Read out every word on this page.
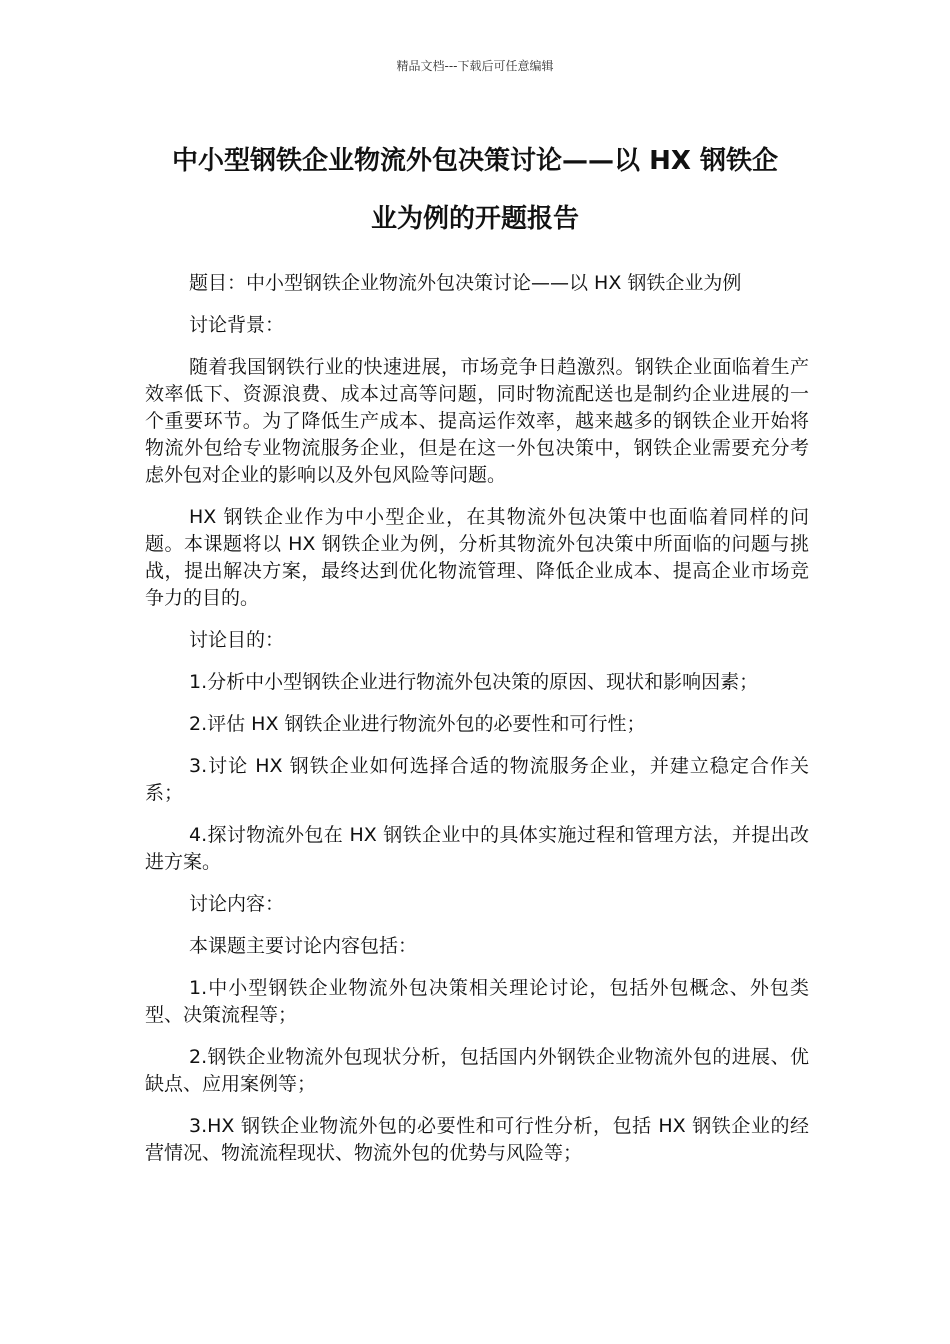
精品文档---下载后可任意编辑
中小型钢铁企业物流外包决策讨论——以 HX 钢铁企
业为例的开题报告

题目：中小型钢铁企业物流外包决策讨论——以 HX 钢铁企业为例

讨论背景：

随着我国钢铁行业的快速进展，市场竞争日趋激烈。钢铁企业面临着生产效率低下、资源浪费、成本过高等问题，同时物流配送也是制约企业进展的一个重要环节。为了降低生产成本、提高运作效率，越来越多的钢铁企业开始将物流外包给专业物流服务企业，但是在这一外包决策中，钢铁企业需要充分考虑外包对企业的影响以及外包风险等问题。

HX 钢铁企业作为中小型企业，在其物流外包决策中也面临着同样的问题。本课题将以 HX 钢铁企业为例，分析其物流外包决策中所面临的问题与挑战，提出解决方案，最终达到优化物流管理、降低企业成本、提高企业市场竞争力的目的。

讨论目的：

1.分析中小型钢铁企业进行物流外包决策的原因、现状和影响因素；

2.评估 HX 钢铁企业进行物流外包的必要性和可行性；

3.讨论 HX 钢铁企业如何选择合适的物流服务企业，并建立稳定合作关系；

4.探讨物流外包在 HX 钢铁企业中的具体实施过程和管理方法，并提出改进方案。

讨论内容：

本课题主要讨论内容包括：

1.中小型钢铁企业物流外包决策相关理论讨论，包括外包概念、外包类型、决策流程等；

2.钢铁企业物流外包现状分析，包括国内外钢铁企业物流外包的进展、优缺点、应用案例等；

3.HX 钢铁企业物流外包的必要性和可行性分析，包括 HX 钢铁企业的经营情况、物流流程现状、物流外包的优势与风险等；
